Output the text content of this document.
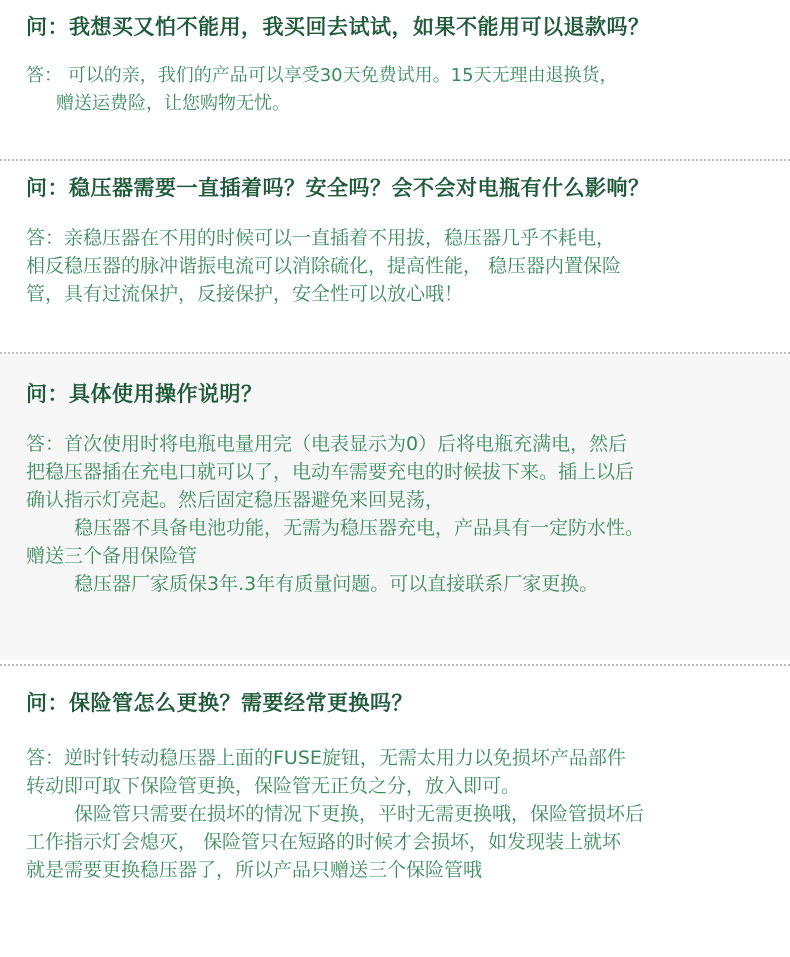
问：我想买又怕不能用，我买回去试试，如果不能用可以退款吗？
答： 可以的亲，我们的产品可以享受30天免费试用。15天无理由退换货，
赠送运费险，让您购物无忧。
问：稳压器需要一直插着吗？安全吗？会不会对电瓶有什么影响？
答：亲稳压器在不用的时候可以一直插着不用拔，稳压器几乎不耗电，
相反稳压器的脉冲谐振电流可以消除硫化，提高性能， 稳压器内置保险
管，具有过流保护，反接保护，安全性可以放心哦！
问：具体使用操作说明？
答：首次使用时将电瓶电量用完（电表显示为0）后将电瓶充满电，然后
把稳压器插在充电口就可以了，电动车需要充电的时候拔下来。插上以后
确认指示灯亮起。然后固定稳压器避免来回晃荡，
稳压器不具备电池功能，无需为稳压器充电，产品具有一定防水性。
赠送三个备用保险管
稳压器厂家质保3年.3年有质量问题。可以直接联系厂家更换。
问：保险管怎么更换？需要经常更换吗？
答：逆时针转动稳压器上面的FUSE旋钮，无需太用力以免损坏产品部件
转动即可取下保险管更换，保险管无正负之分，放入即可。
保险管只需要在损坏的情况下更换，平时无需更换哦，保险管损坏后
工作指示灯会熄灭， 保险管只在短路的时候才会损坏，如发现装上就坏
就是需要更换稳压器了，所以产品只赠送三个保险管哦
